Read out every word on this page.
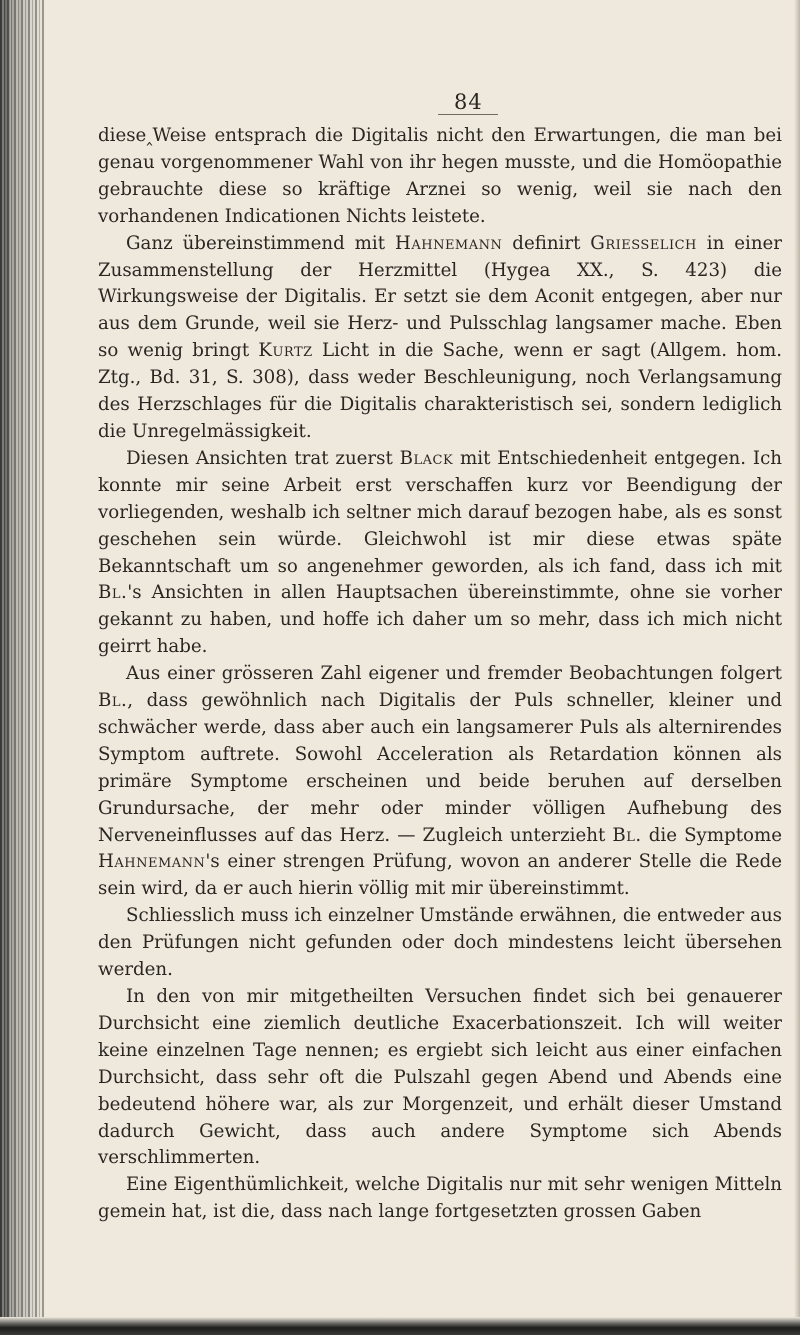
84

diese‸Weise entsprach die Digitalis nicht den Erwartungen, die man bei genau vorgenommener Wahl von ihr hegen musste, und die Homöopathie gebrauchte diese so kräftige Arznei so wenig, weil sie nach den vorhandenen Indicationen Nichts leistete.

Ganz übereinstimmend mit Hahnemann definirt Griesselich in einer Zusammenstellung der Herzmittel (Hygea XX., S. 423) die Wirkungsweise der Digitalis. Er setzt sie dem Aconit entgegen, aber nur aus dem Grunde, weil sie Herz- und Pulsschlag langsamer mache. Eben so wenig bringt Kurtz Licht in die Sache, wenn er sagt (Allgem. hom. Ztg., Bd. 31, S. 308), dass weder Beschleunigung, noch Verlangsamung des Herzschlages für die Digitalis charakteristisch sei, sondern lediglich die Unregelmässigkeit.

Diesen Ansichten trat zuerst Black mit Entschiedenheit entgegen. Ich konnte mir seine Arbeit erst verschaffen kurz vor Beendigung der vorliegenden, weshalb ich seltner mich darauf bezogen habe, als es sonst geschehen sein würde. Gleichwohl ist mir diese etwas späte Bekanntschaft um so angenehmer geworden, als ich fand, dass ich mit Bl.'s Ansichten in allen Hauptsachen übereinstimmte, ohne sie vorher gekannt zu haben, und hoffe ich daher um so mehr, dass ich mich nicht geirrt habe.

Aus einer grösseren Zahl eigener und fremder Beobachtungen folgert Bl., dass gewöhnlich nach Digitalis der Puls schneller, kleiner und schwächer werde, dass aber auch ein langsamerer Puls als alternirendes Symptom auftrete. Sowohl Acceleration als Retardation können als primäre Symptome erscheinen und beide beruhen auf derselben Grundursache, der mehr oder minder völligen Aufhebung des Nerveneinflusses auf das Herz. — Zugleich unterzieht Bl. die Symptome Hahnemann's einer strengen Prüfung, wovon an anderer Stelle die Rede sein wird, da er auch hierin völlig mit mir übereinstimmt.

Schliesslich muss ich einzelner Umstände erwähnen, die entweder aus den Prüfungen nicht gefunden oder doch mindestens leicht übersehen werden.

In den von mir mitgetheilten Versuchen findet sich bei genauerer Durchsicht eine ziemlich deutliche Exacerbationszeit. Ich will weiter keine einzelnen Tage nennen; es ergiebt sich leicht aus einer einfachen Durchsicht, dass sehr oft die Pulszahl gegen Abend und Abends eine bedeutend höhere war, als zur Morgenzeit, und erhält dieser Umstand dadurch Gewicht, dass auch andere Symptome sich Abends verschlimmerten.

Eine Eigenthümlichkeit, welche Digitalis nur mit sehr wenigen Mitteln gemein hat, ist die, dass nach lange fortgesetzten grossen Gaben
